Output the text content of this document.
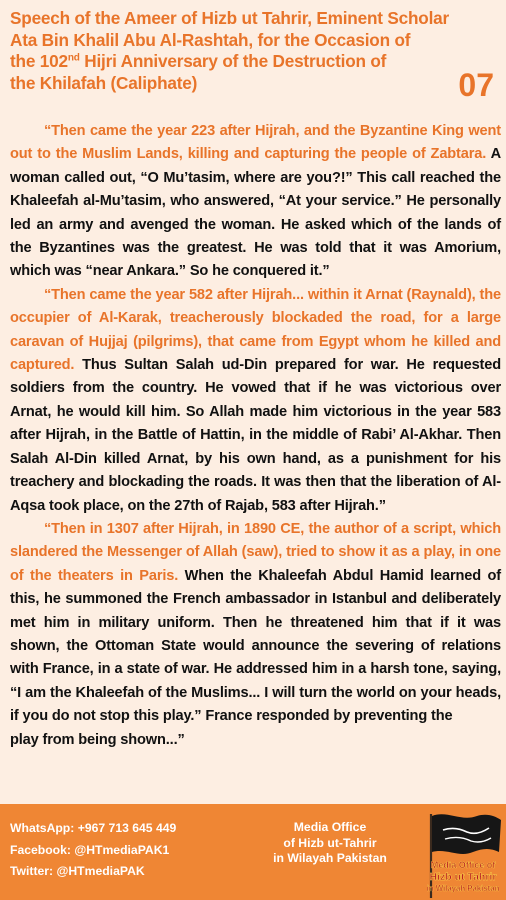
Speech of the Ameer of Hizb ut Tahrir, Eminent Scholar
Ata Bin Khalil Abu Al-Rashtah, for the Occasion of
the 102nd Hijri Anniversary of the Destruction of
the Khilafah (Caliphate)	07

“Then came the year 223 after Hijrah, and the Byzantine King went out to the Muslim Lands, killing and capturing the people of Zabtara. A woman called out, “O Mu’tasim, where are you?!” This call reached the Khaleefah al-Mu’tasim, who answered, “At your service.” He personally led an army and avenged the woman. He asked which of the lands of the Byzantines was the greatest. He was told that it was Amorium, which was “near Ankara.” So he conquered it.”

“Then came the year 582 after Hijrah... within it Arnat (Raynald), the occupier of Al-Karak, treacherously blockaded the road, for a large caravan of Hujjaj (pilgrims), that came from Egypt whom he killed and captured. Thus Sultan Salah ud-Din prepared for war. He requested soldiers from the country. He vowed that if he was victorious over Arnat, he would kill him. So Allah made him victorious in the year 583 after Hijrah, in the Battle of Hattin, in the middle of Rabi’ Al-Akhar. Then Salah Al-Din killed Arnat, by his own hand, as a punishment for his treachery and blockading the roads. It was then that the liberation of Al-Aqsa took place, on the 27th of Rajab, 583 after Hijrah.”

“Then in 1307 after Hijrah, in 1890 CE, the author of a script, which slandered the Messenger of Allah (saw), tried to show it as a play, in one of the theaters in Paris. When the Khaleefah Abdul Hamid learned of this, he summoned the French ambassador in Istanbul and deliberately met him in military uniform. Then he threatened him that if it was shown, the Ottoman State would announce the severing of relations with France, in a state of war. He addressed him in a harsh tone, saying, “I am the Khaleefah of the Muslims... I will turn the world on your heads, if you do not stop this play.” France responded by preventing the

play from being shown...”

WhatsApp: +967 713 645 449
Facebook: @HTmediaPAK1
Twitter: @HTmediaPAK
Media Office
of Hizb ut-Tahrir
in Wilayah Pakistan	Media Office of
Hizb ut Tahrir
in Wilayah Pakistan
